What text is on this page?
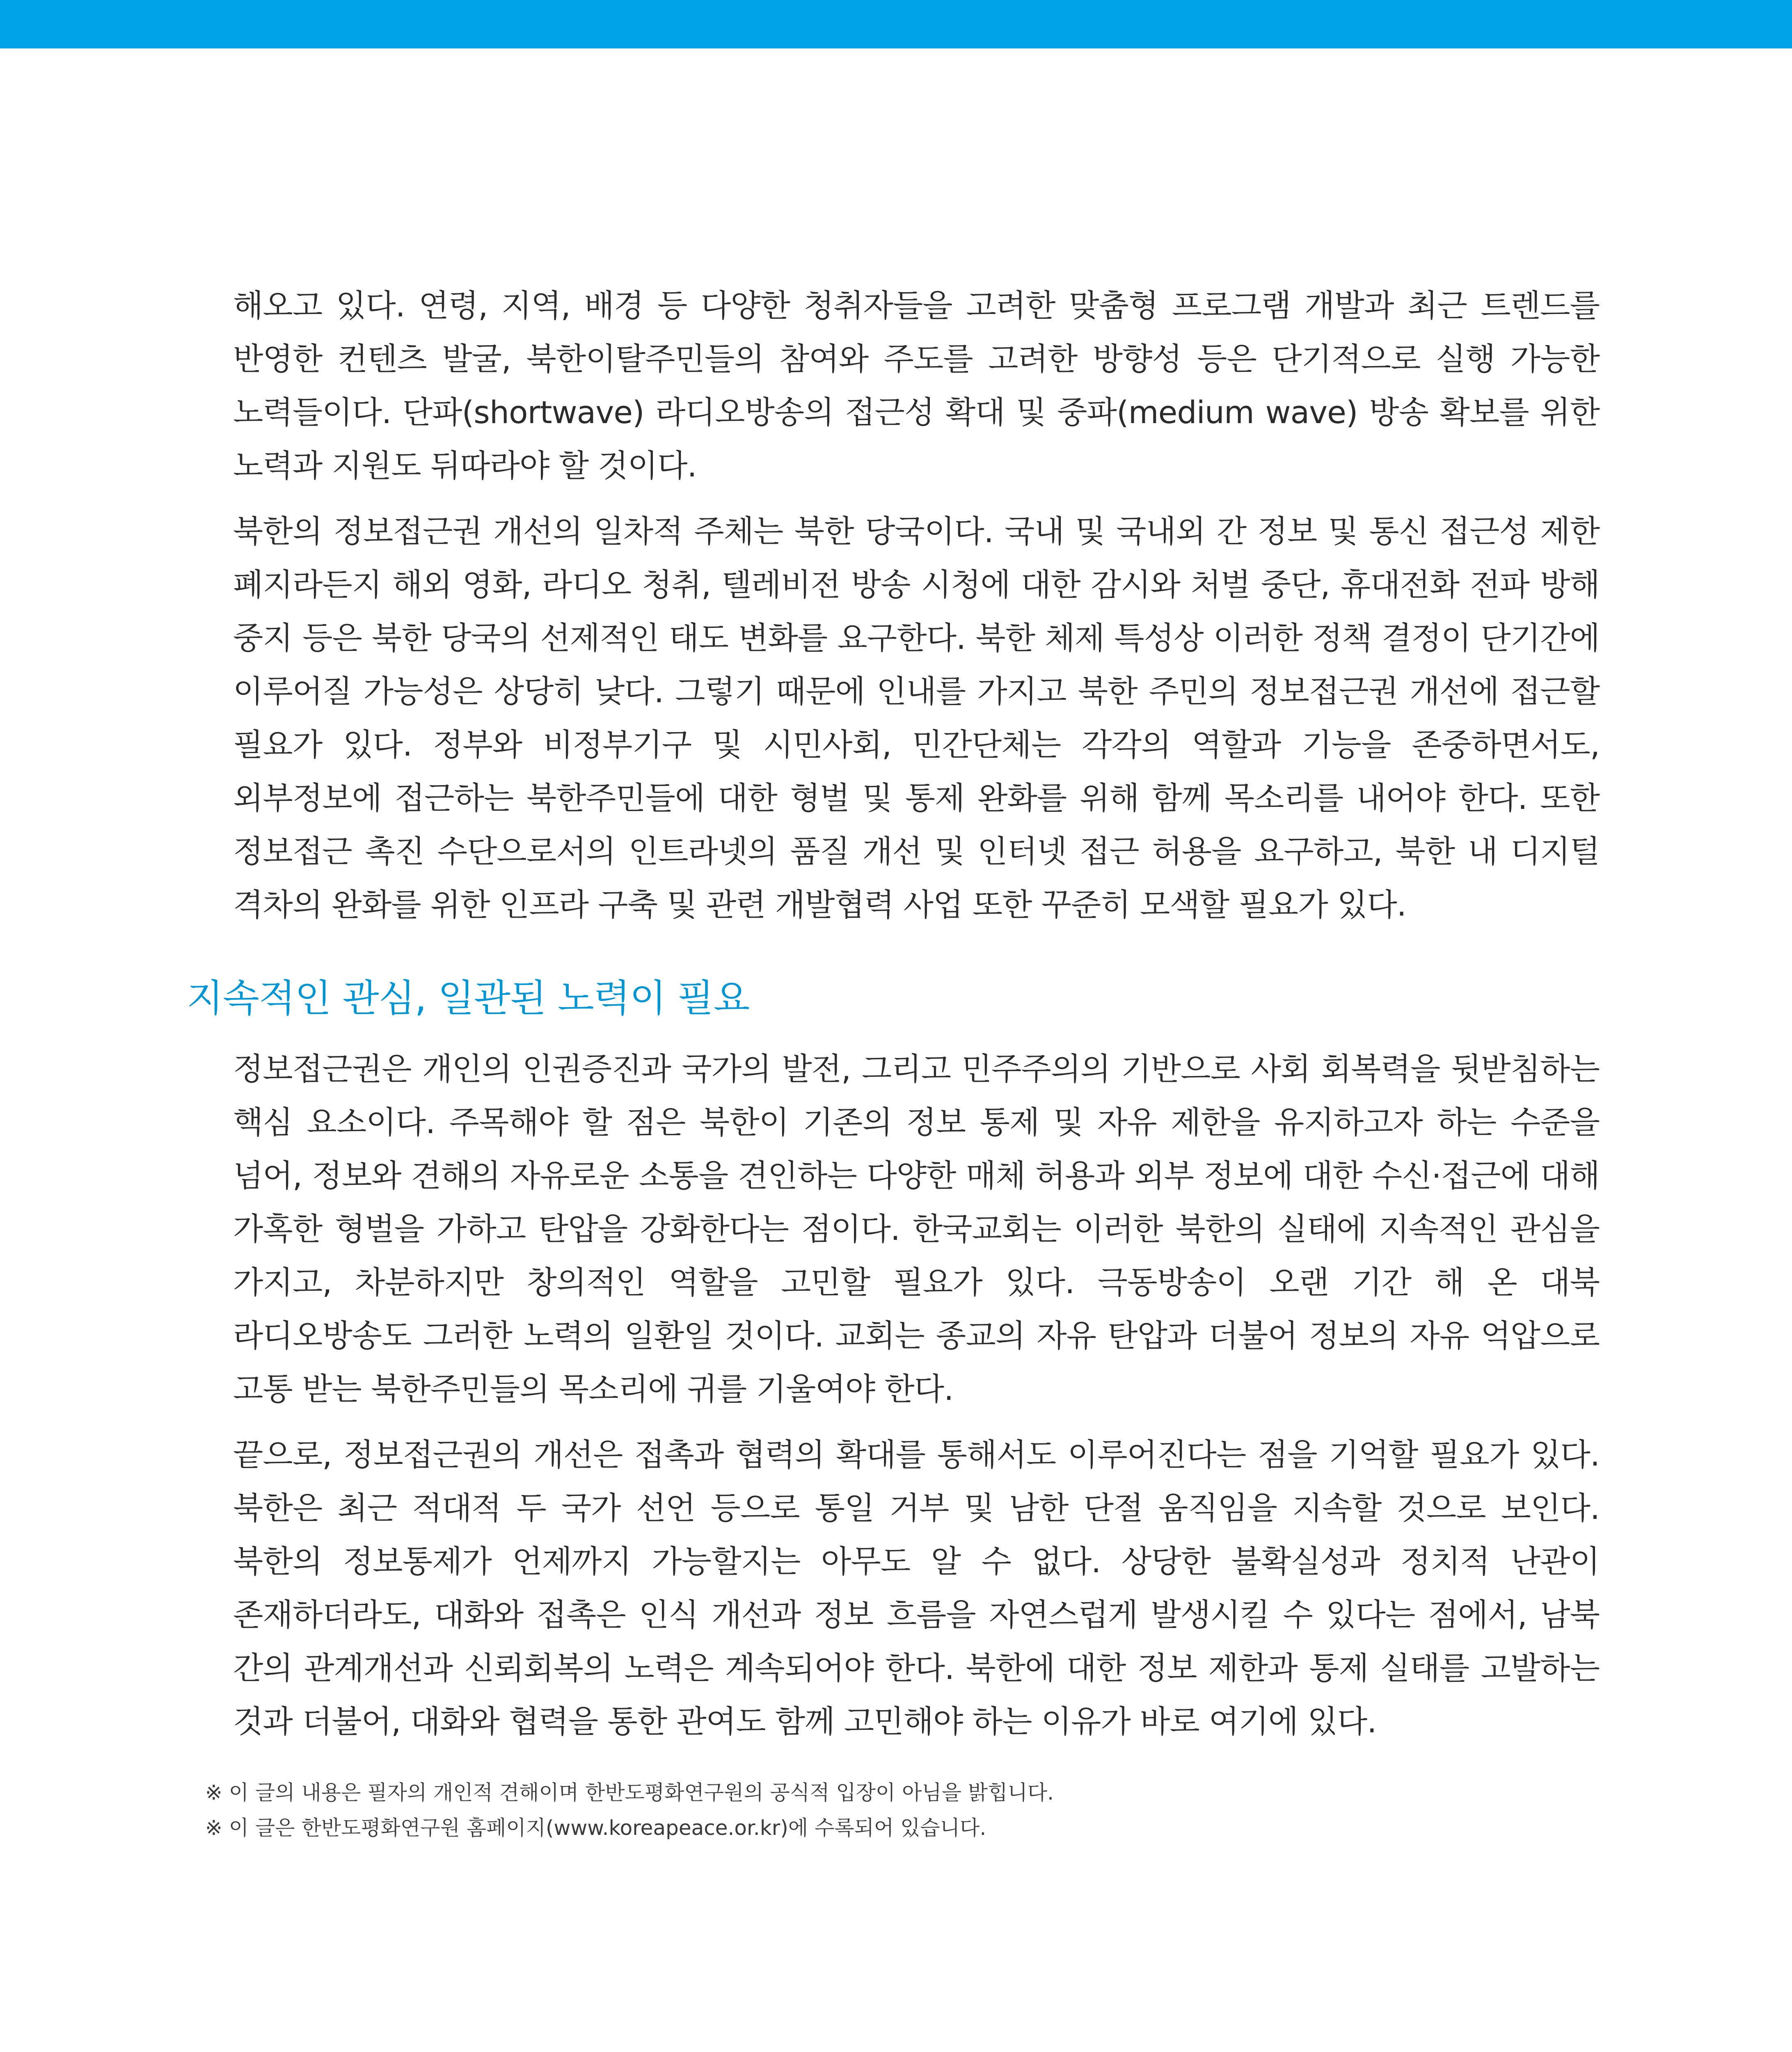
해오고 있다. 연령, 지역, 배경 등 다양한 청취자들을 고려한 맞춤형 프로그램 개발과 최근 트렌드를 반영한 컨텐츠 발굴, 북한이탈주민들의 참여와 주도를 고려한 방향성 등은 단기적으로 실행 가능한 노력들이다. 단파(shortwave) 라디오방송의 접근성 확대 및 중파(medium wave) 방송 확보를 위한 노력과 지원도 뒤따라야 할 것이다.

북한의 정보접근권 개선의 일차적 주체는 북한 당국이다. 국내 및 국내외 간 정보 및 통신 접근성 제한 폐지라든지 해외 영화, 라디오 청취, 텔레비전 방송 시청에 대한 감시와 처벌 중단, 휴대전화 전파 방해 중지 등은 북한 당국의 선제적인 태도 변화를 요구한다. 북한 체제 특성상 이러한 정책 결정이 단기간에 이루어질 가능성은 상당히 낮다. 그렇기 때문에 인내를 가지고 북한 주민의 정보접근권 개선에 접근할 필요가 있다. 정부와 비정부기구 및 시민사회, 민간단체는 각각의 역할과 기능을 존중하면서도, 외부정보에 접근하는 북한주민들에 대한 형벌 및 통제 완화를 위해 함께 목소리를 내어야 한다. 또한 정보접근 촉진 수단으로서의 인트라넷의 품질 개선 및 인터넷 접근 허용을 요구하고, 북한 내 디지털 격차의 완화를 위한 인프라 구축 및 관련 개발협력 사업 또한 꾸준히 모색할 필요가 있다.

지속적인 관심, 일관된 노력이 필요

정보접근권은 개인의 인권증진과 국가의 발전, 그리고 민주주의의 기반으로 사회 회복력을 뒷받침하는 핵심 요소이다. 주목해야 할 점은 북한이 기존의 정보 통제 및 자유 제한을 유지하고자 하는 수준을 넘어, 정보와 견해의 자유로운 소통을 견인하는 다양한 매체 허용과 외부 정보에 대한 수신·접근에 대해 가혹한 형벌을 가하고 탄압을 강화한다는 점이다. 한국교회는 이러한 북한의 실태에 지속적인 관심을 가지고, 차분하지만 창의적인 역할을 고민할 필요가 있다. 극동방송이 오랜 기간 해 온 대북 라디오방송도 그러한 노력의 일환일 것이다. 교회는 종교의 자유 탄압과 더불어 정보의 자유 억압으로 고통 받는 북한주민들의 목소리에 귀를 기울여야 한다.

끝으로, 정보접근권의 개선은 접촉과 협력의 확대를 통해서도 이루어진다는 점을 기억할 필요가 있다. 북한은 최근 적대적 두 국가 선언 등으로 통일 거부 및 남한 단절 움직임을 지속할 것으로 보인다. 북한의 정보통제가 언제까지 가능할지는 아무도 알 수 없다. 상당한 불확실성과 정치적 난관이 존재하더라도, 대화와 접촉은 인식 개선과 정보 흐름을 자연스럽게 발생시킬 수 있다는 점에서, 남북 간의 관계개선과 신뢰회복의 노력은 계속되어야 한다. 북한에 대한 정보 제한과 통제 실태를 고발하는 것과 더불어, 대화와 협력을 통한 관여도 함께 고민해야 하는 이유가 바로 여기에 있다.

※ 이 글의 내용은 필자의 개인적 견해이며 한반도평화연구원의 공식적 입장이 아님을 밝힙니다.
※ 이 글은 한반도평화연구원 홈페이지(www.koreapeace.or.kr)에 수록되어 있습니다.
